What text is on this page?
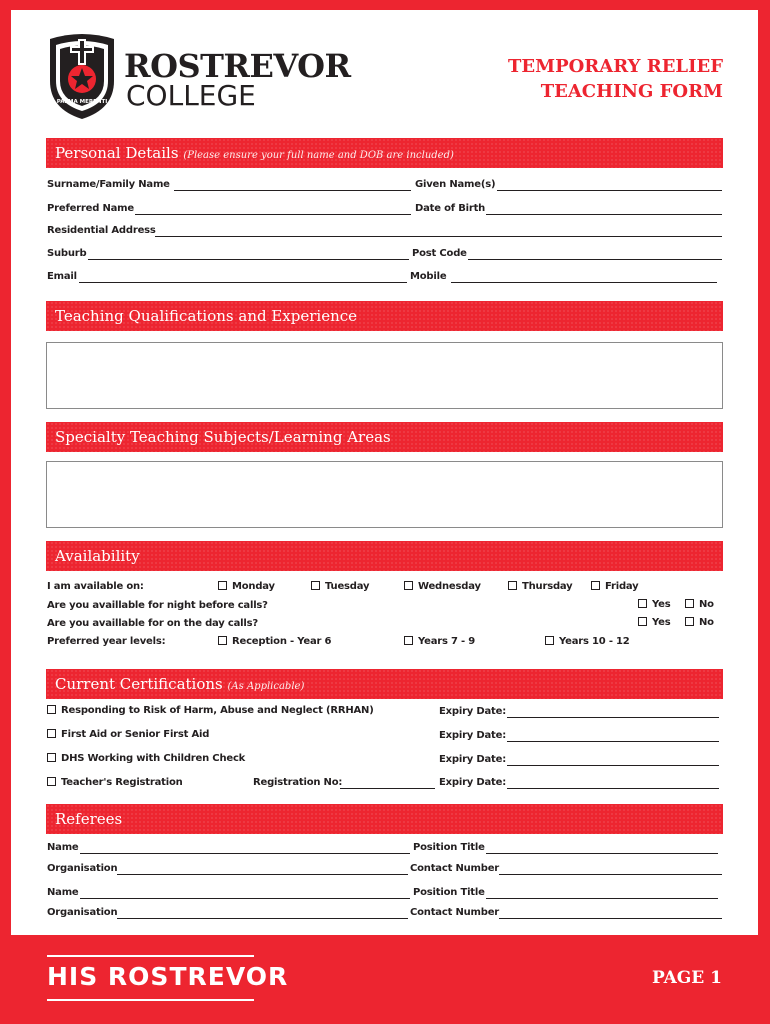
PALMA MERENTI
ROSTREVOR
COLLEGE
TEMPORARY RELIEF
TEACHING FORM
Personal Details (Please ensure your full name and DOB are included)
Surname/Family Name	Given Name(s)
Preferred Name	Date of Birth
Residential Address
Suburb	Post Code
Email	Mobile
Teaching Qualifications and Experience
Specialty Teaching Subjects/Learning Areas
Availability
I am available on:	Monday	Tuesday	Wednesday	Thursday	Friday
Are you availlable for night before calls?	Yes	No
Are you availlable for on the day calls?	Yes	No
Preferred year levels:	Reception - Year 6	Years 7 - 9	Years 10 - 12
Current Certifications (As Applicable)
Responding to Risk of Harm, Abuse and Neglect (RRHAN)	Expiry Date:
First Aid or Senior First Aid	Expiry Date:
DHS Working with Children Check	Expiry Date:
Teacher's Registration	Registration No:	Expiry Date:
Referees
Name	Position Title
Organisation	Contact Number
Name	Position Title
Organisation	Contact Number
HIS ROSTREVOR	PAGE 1
